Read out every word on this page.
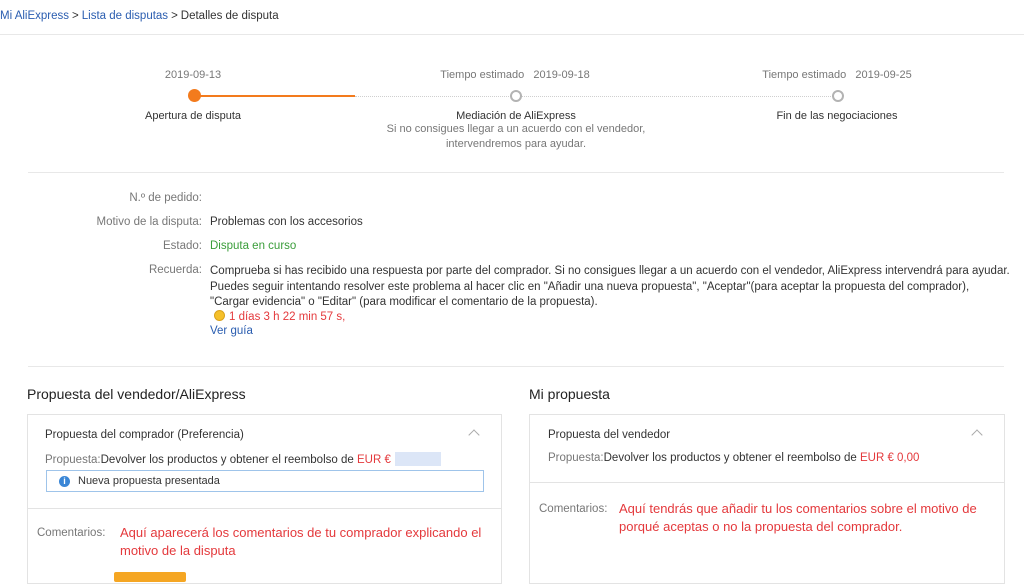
Mi AliExpress > Lista de disputas > Detalles de disputa
2019-09-13
Apertura de disputa
Tiempo estimado 2019-09-18
Mediación de AliExpress
Si no consigues llegar a un acuerdo con el vendedor,
intervendremos para ayudar.
Tiempo estimado 2019-09-25
Fin de las negociaciones
N.º de pedido:
Motivo de la disputa: Problemas con los accesorios
Estado: Disputa en curso
Recuerda: Comprueba si has recibido una respuesta por parte del comprador. Si no consigues llegar a un acuerdo con el vendedor, AliExpress intervendrá para ayudar. Puedes seguir intentando resolver este problema al hacer clic en "Añadir una nueva propuesta", "Aceptar"(para aceptar la propuesta del comprador), "Cargar evidencia" o "Editar" (para modificar el comentario de la propuesta).
1 días 3 h 22 min 57 s,
Ver guía
Propuesta del vendedor/AliExpress
Propuesta del comprador (Preferencia)
Propuesta:Devolver los productos y obtener el reembolso de EUR €
i	Nueva propuesta presentada
Comentarios: Aquí aparecerá los comentarios de tu comprador explicando el motivo de la disputa
Mi propuesta
Propuesta del vendedor
Propuesta:Devolver los productos y obtener el reembolso de EUR € 0,00
Comentarios: Aquí tendrás que añadir tu los comentarios sobre el motivo de porqué aceptas o no la propuesta del comprador.
